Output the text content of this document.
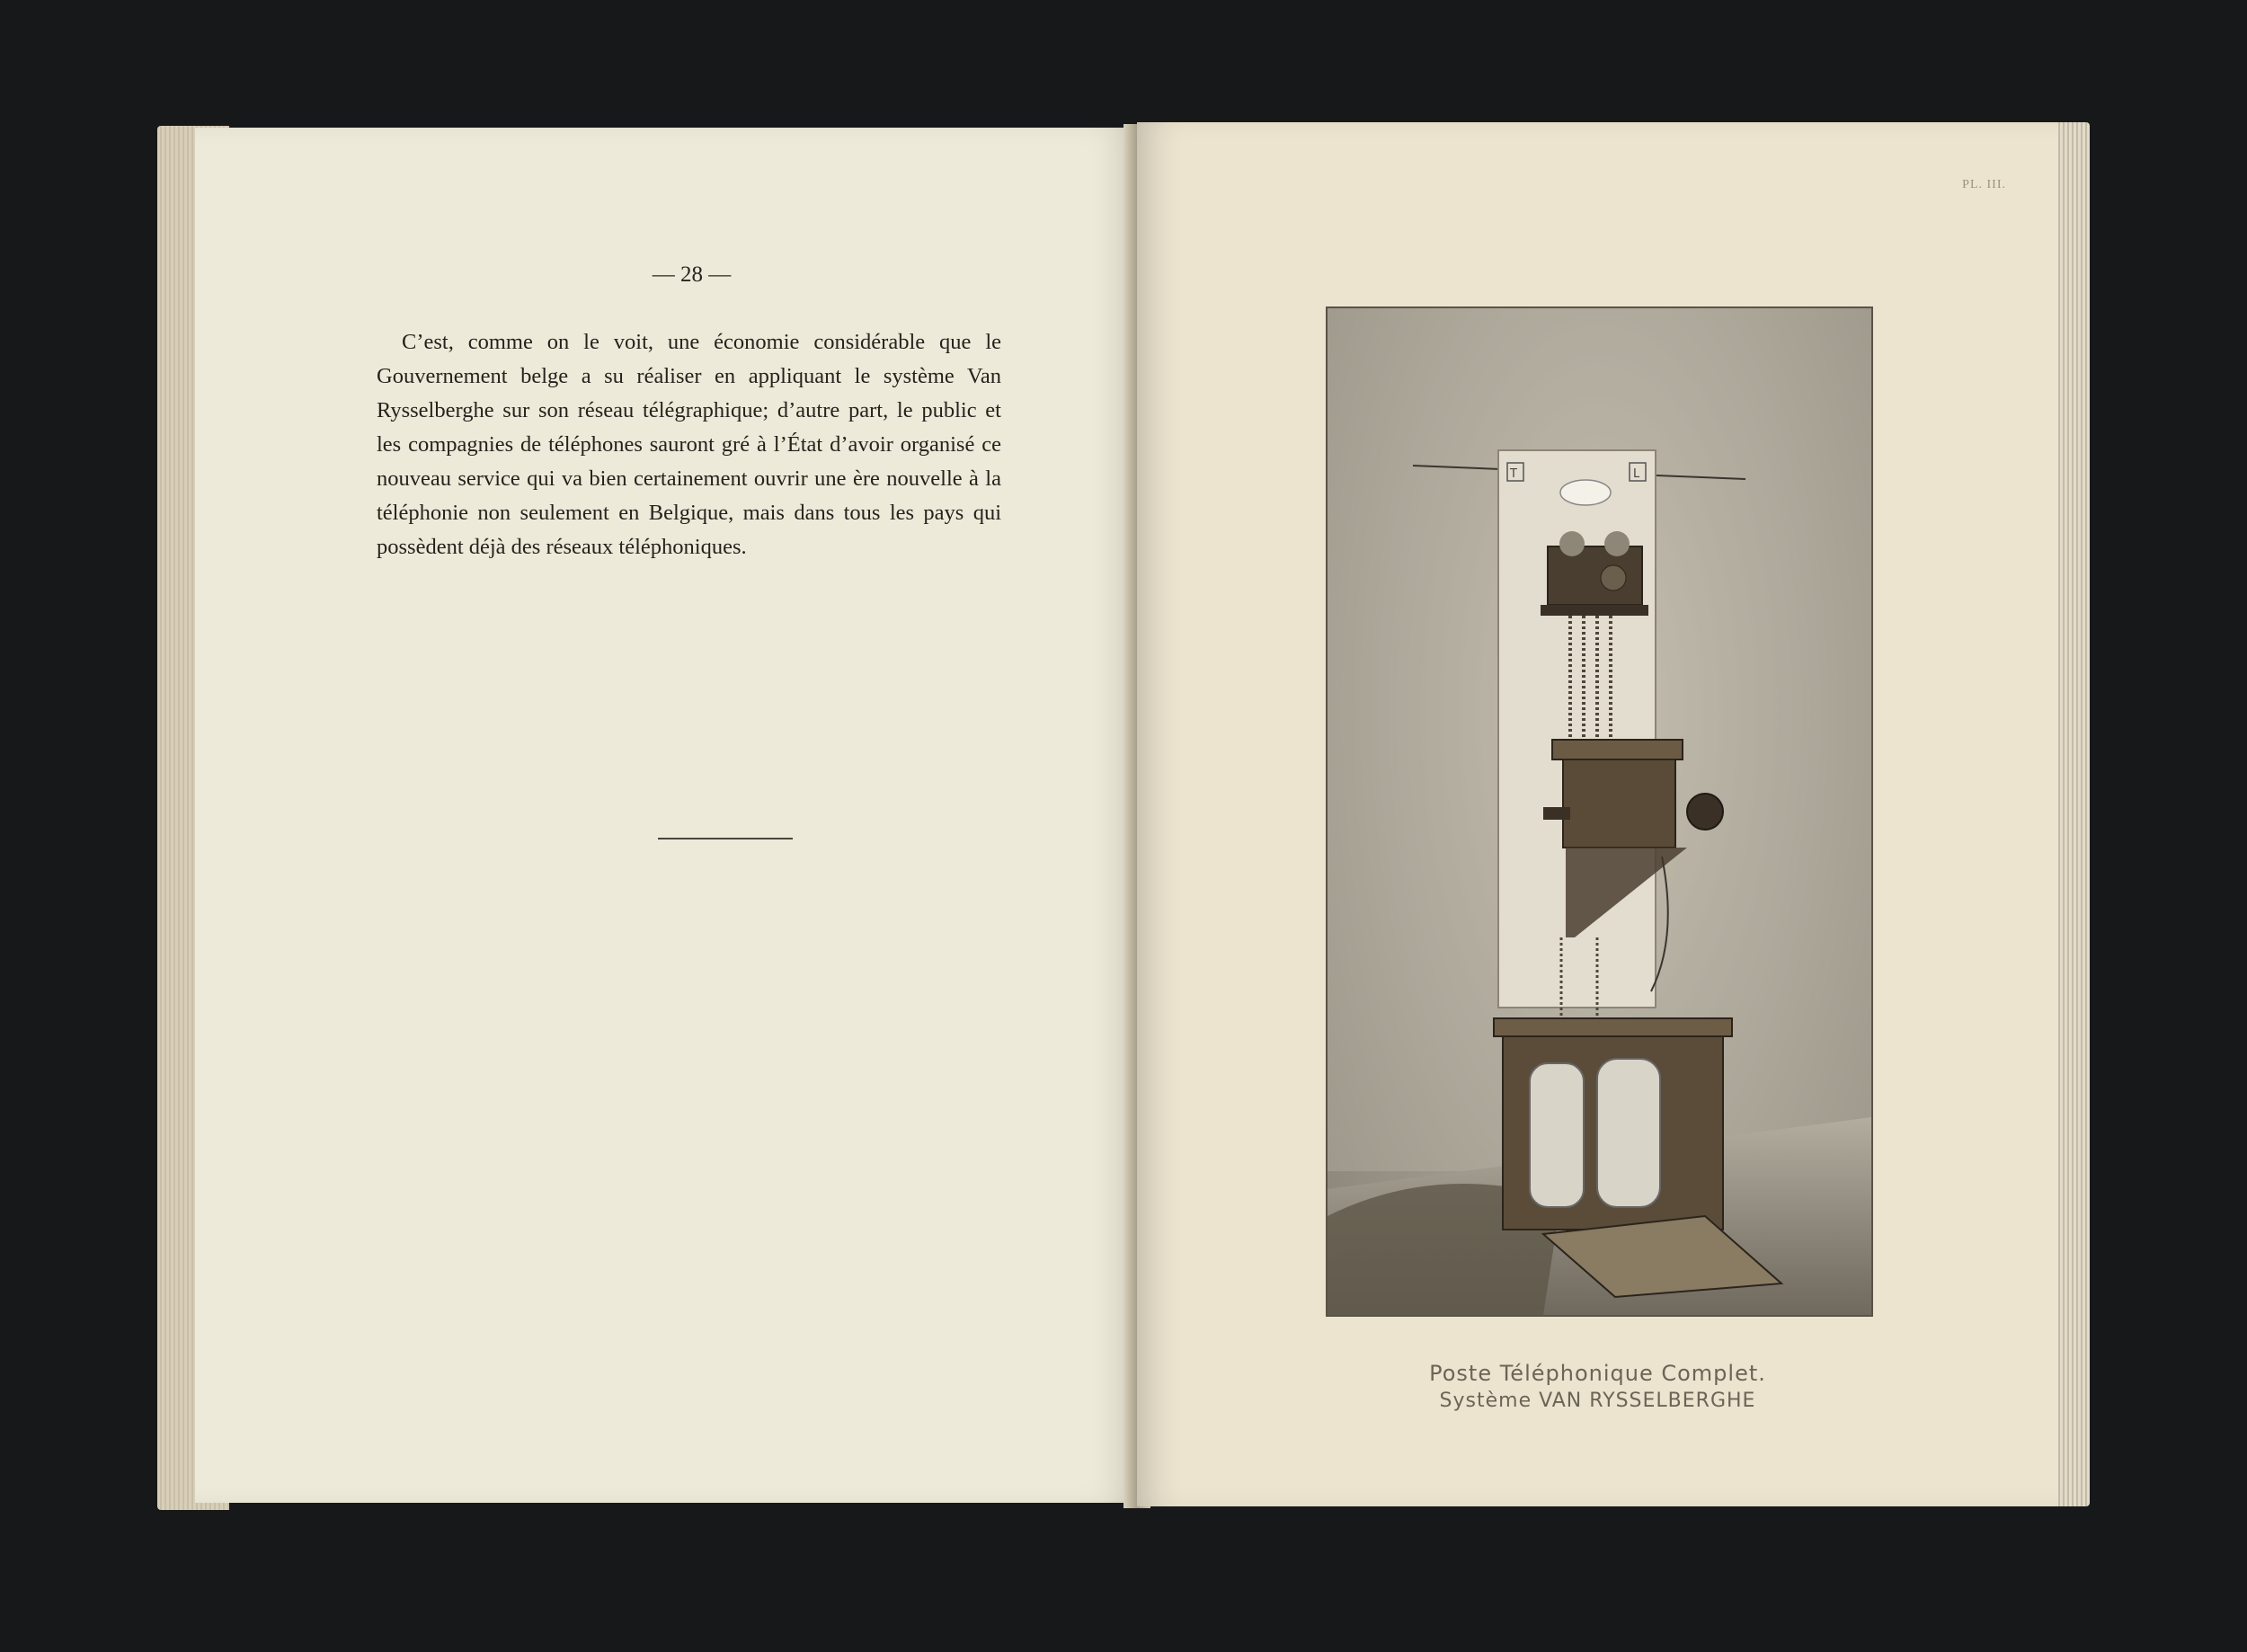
— 28 —

C’est, comme on le voit, une économie considérable que le Gouvernement belge a su réaliser en appliquant le système Van Rysselberghe sur son réseau télégraphique; d’autre part, le public et les compagnies de téléphones sauront gré à l’État d’avoir organisé ce nouveau service qui va bien certainement ouvrir une ère nouvelle à la téléphonie non seulement en Belgique, mais dans tous les pays qui possèdent déjà des réseaux téléphoniques.

PL. III.
T	L
Poste Téléphonique Complet.
Système VAN RYSSELBERGHE
